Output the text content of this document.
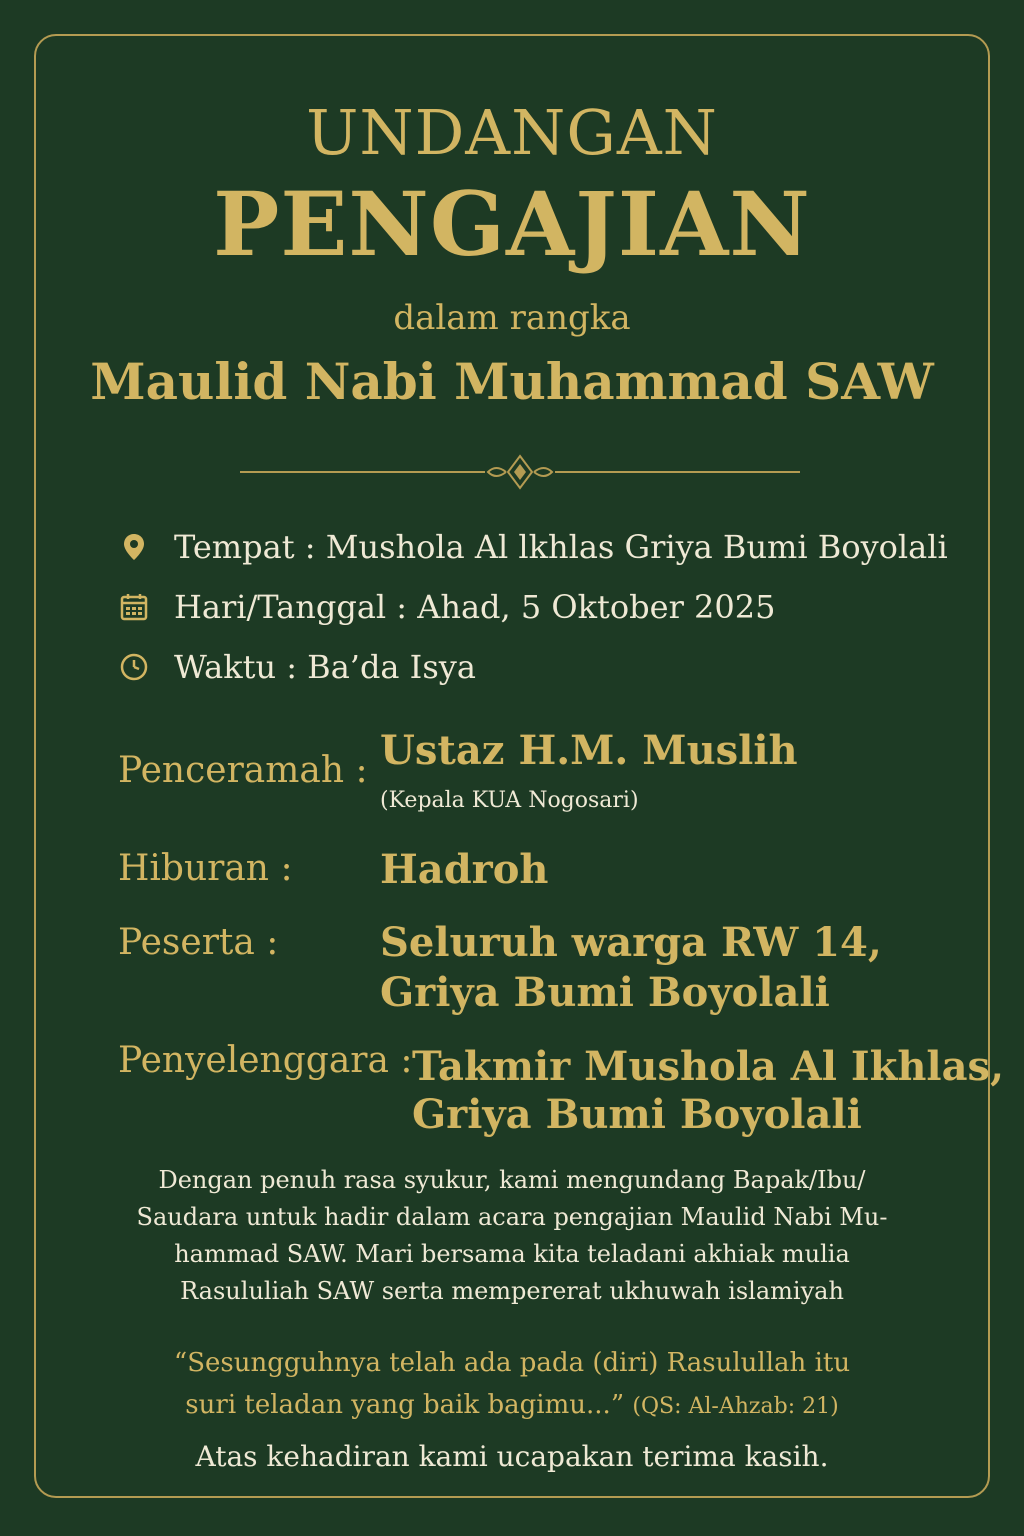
UNDANGAN
PENGAJIAN
dalam rangka
Maulid Nabi Muhammad SAW
Tempat : Mushola Al lkhlas Griya Bumi Boyolali
Hari/Tanggal : Ahad, 5 Oktober 2025
Waktu : Ba’da Isya
Penceramah : Ustaz H.M. Muslih
(Kepala KUA Nogosari)
Hiburan : Hadroh
Peserta :	Seluruh warga RW 14,
Griya Bumi Boyolali
Penyelenggara : Takmir Mushola Al Ikhlas,
Griya Bumi Boyolali
Dengan penuh rasa syukur, kami mengundang Bapak/Ibu/
Saudara untuk hadir dalam acara pengajian Maulid Nabi Mu-
hammad SAW. Mari bersama kita teladani akhiak mulia
Rasululiah SAW serta mempererat ukhuwah islamiyah
“Sesungguhnya telah ada pada (diri) Rasulullah itu
suri teladan yang baik bagimu...” (QS: Al-Ahzab: 21)
Atas kehadiran kami ucapakan terima kasih.
